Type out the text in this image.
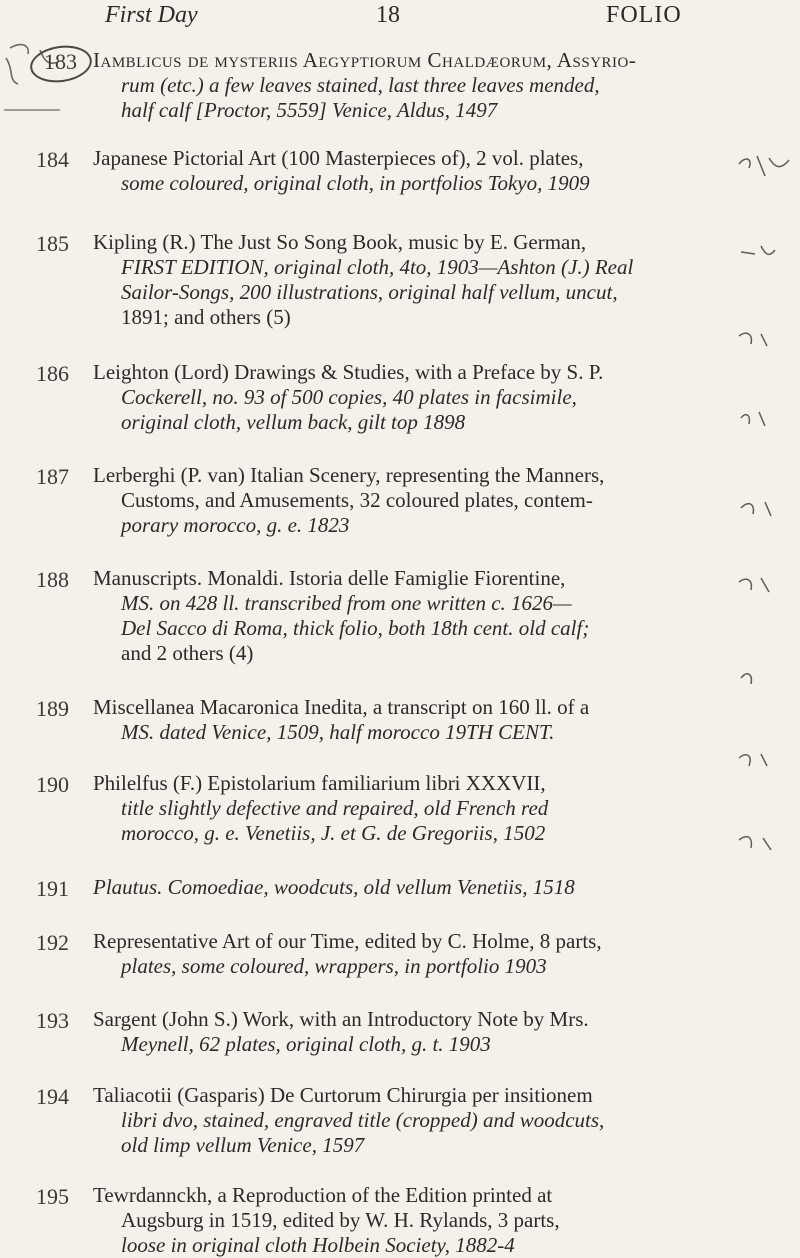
First Day	18	FOLIO
183 Iamblicus de mysteriis Aegyptiorum Chaldæorum, Assyrio-
rum (etc.) a few leaves stained, last three leaves mended,
half calf [Proctor, 5559] Venice, Aldus, 1497
184 Japanese Pictorial Art (100 Masterpieces of), 2 vol. plates,
some coloured, original cloth, in portfolios Tokyo, 1909
185 Kipling (R.) The Just So Song Book, music by E. German,
FIRST EDITION, original cloth, 4to, 1903—Ashton (J.) Real
Sailor-Songs, 200 illustrations, original half vellum, uncut,
1891; and others (5)
186 Leighton (Lord) Drawings & Studies, with a Preface by S. P.
Cockerell, no. 93 of 500 copies, 40 plates in facsimile,
original cloth, vellum back, gilt top 1898
187 Lerberghi (P. van) Italian Scenery, representing the Manners,
Customs, and Amusements, 32 coloured plates, contem-
porary morocco, g. e. 1823
188 Manuscripts. Monaldi. Istoria delle Famiglie Fiorentine,
MS. on 428 ll. transcribed from one written c. 1626—
Del Sacco di Roma, thick folio, both 18th cent. old calf;
and 2 others (4)
189 Miscellanea Macaronica Inedita, a transcript on 160 ll. of a
MS. dated Venice, 1509, half morocco 19TH CENT.
190 Philelfus (F.) Epistolarium familiarium libri XXXVII,
title slightly defective and repaired, old French red
morocco, g. e. Venetiis, J. et G. de Gregoriis, 1502
191 Plautus. Comoediae, woodcuts, old vellum Venetiis, 1518
192 Representative Art of our Time, edited by C. Holme, 8 parts,
plates, some coloured, wrappers, in portfolio 1903
193 Sargent (John S.) Work, with an Introductory Note by Mrs.
Meynell, 62 plates, original cloth, g. t. 1903
194 Taliacotii (Gasparis) De Curtorum Chirurgia per insitionem
libri dvo, stained, engraved title (cropped) and woodcuts,
old limp vellum Venice, 1597
195 Tewrdannckh, a Reproduction of the Edition printed at
Augsburg in 1519, edited by W. H. Rylands, 3 parts,
loose in original cloth Holbein Society, 1882-4
